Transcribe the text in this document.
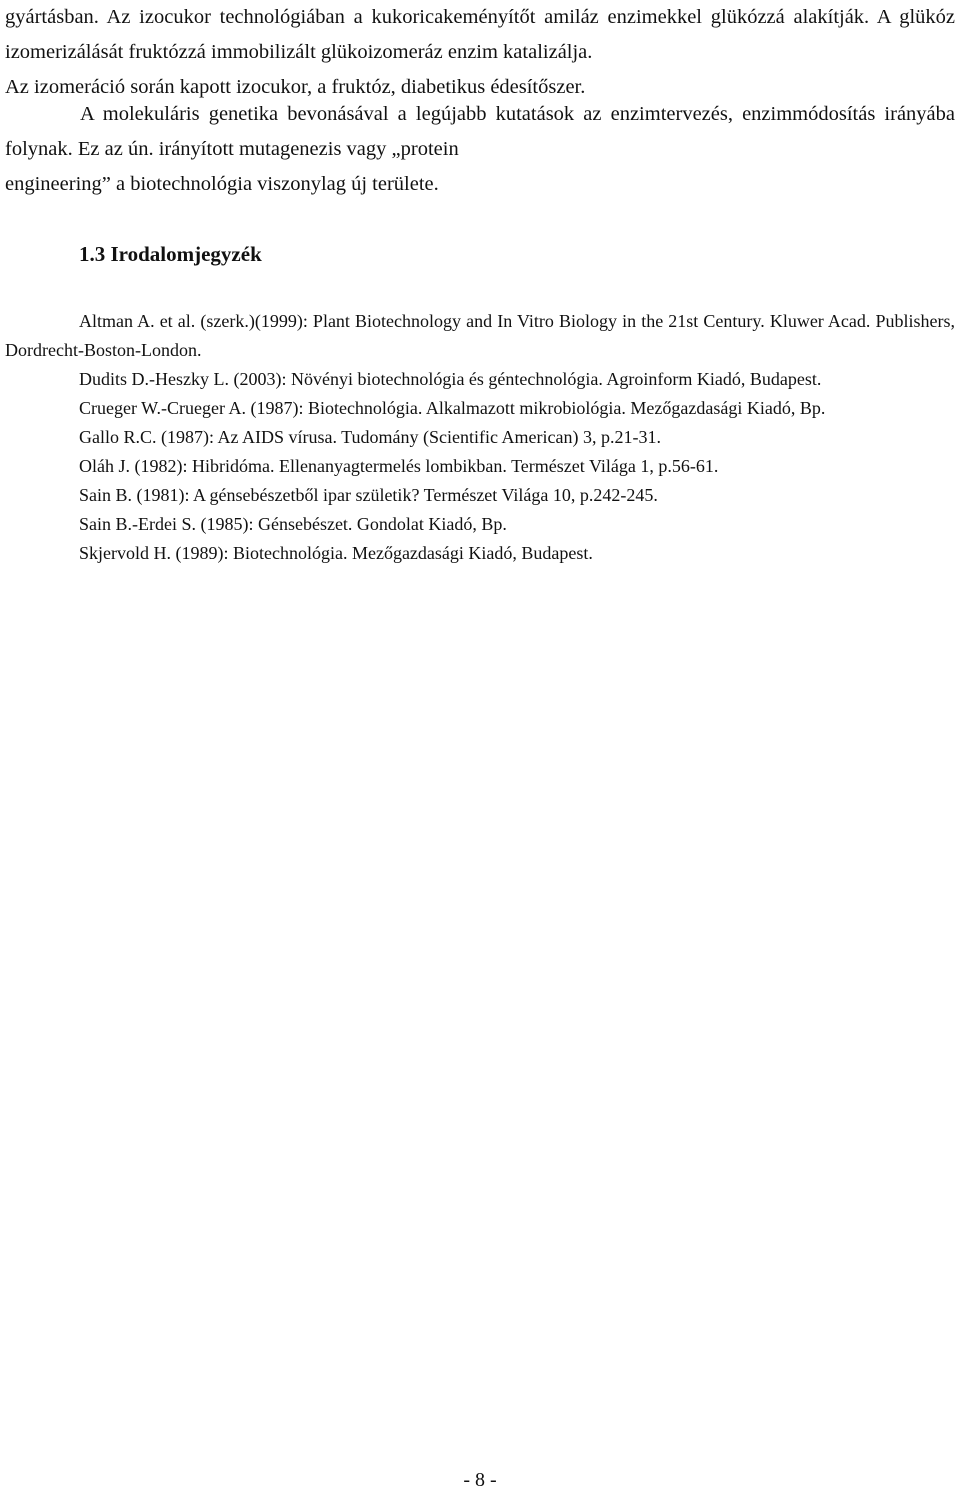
gyártásban. Az izocukor technológiában a kukoricakeményítőt amiláz enzimekkel glükózzá alakítják. A glükóz izomerizálását fruktózzá immobilizált glükoizomeráz enzim katalizálja.
Az izomeráció során kapott izocukor, a fruktóz, diabetikus édesítőszer.
A molekuláris genetika bevonásával a legújabb kutatások az enzimtervezés, enzimmódosítás irányába folynak. Ez az ún. irányított mutagenezis vagy „protein
engineering” a biotechnológia viszonylag új területe.
1.3 Irodalomjegyzék
Altman A. et al. (szerk.)(1999): Plant Biotechnology and In Vitro Biology in the 21st Century. Kluwer Acad. Publishers, Dordrecht-Boston-London.
Dudits D.-Heszky L. (2003): Növényi biotechnológia és géntechnológia. Agroinform Kiadó, Budapest.
Crueger W.-Crueger A. (1987): Biotechnológia. Alkalmazott mikrobiológia. Mezőgazdasági Kiadó, Bp.
Gallo R.C. (1987): Az AIDS vírusa. Tudomány (Scientific American) 3, p.21-31.
Oláh J. (1982): Hibridóma. Ellenanyagtermelés lombikban. Természet Világa 1, p.56-61.
Sain B. (1981): A génsebészetből ipar születik? Természet Világa 10, p.242-245.
Sain B.-Erdei S. (1985): Génsebészet. Gondolat Kiadó, Bp.
Skjervold H. (1989): Biotechnológia. Mezőgazdasági Kiadó, Budapest.
- 8 -
